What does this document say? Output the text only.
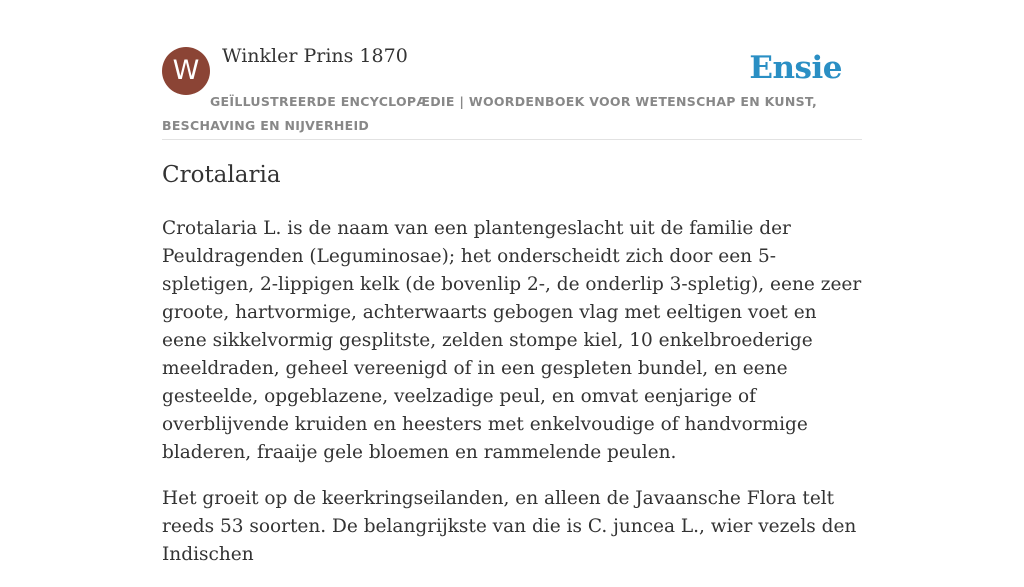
W	Winkler Prins 1870	Ensie
GEÏLLUSTREERDE ENCYCLOPÆDIE | WOORDENBOEK VOOR WETENSCHAP EN KUNST, BESCHAVING EN NIJVERHEID
Crotalaria

Crotalaria L. is de naam van een plantengeslacht uit de familie der Peuldragenden (Leguminosae); het onderscheidt zich door een 5-spletigen, 2-lippigen kelk (de bovenlip 2-, de onderlip 3-spletig), eene zeer groote, hartvormige, achterwaarts gebogen vlag met eeltigen voet en eene sikkelvormig gesplitste, zelden stompe kiel, 10 enkelbroederige meeldraden, geheel vereenigd of in een gespleten bundel, en eene gesteelde, opgeblazene, veelzadige peul, en omvat eenjarige of overblijvende kruiden en heesters met enkelvoudige of handvormige bladeren, fraaije gele bloemen en rammelende peulen.

Het groeit op de keerkringseilanden, en alleen de Javaansche Flora telt reeds 53 soorten. De belangrijkste van die is C. juncea L., wier vezels den Indischen
